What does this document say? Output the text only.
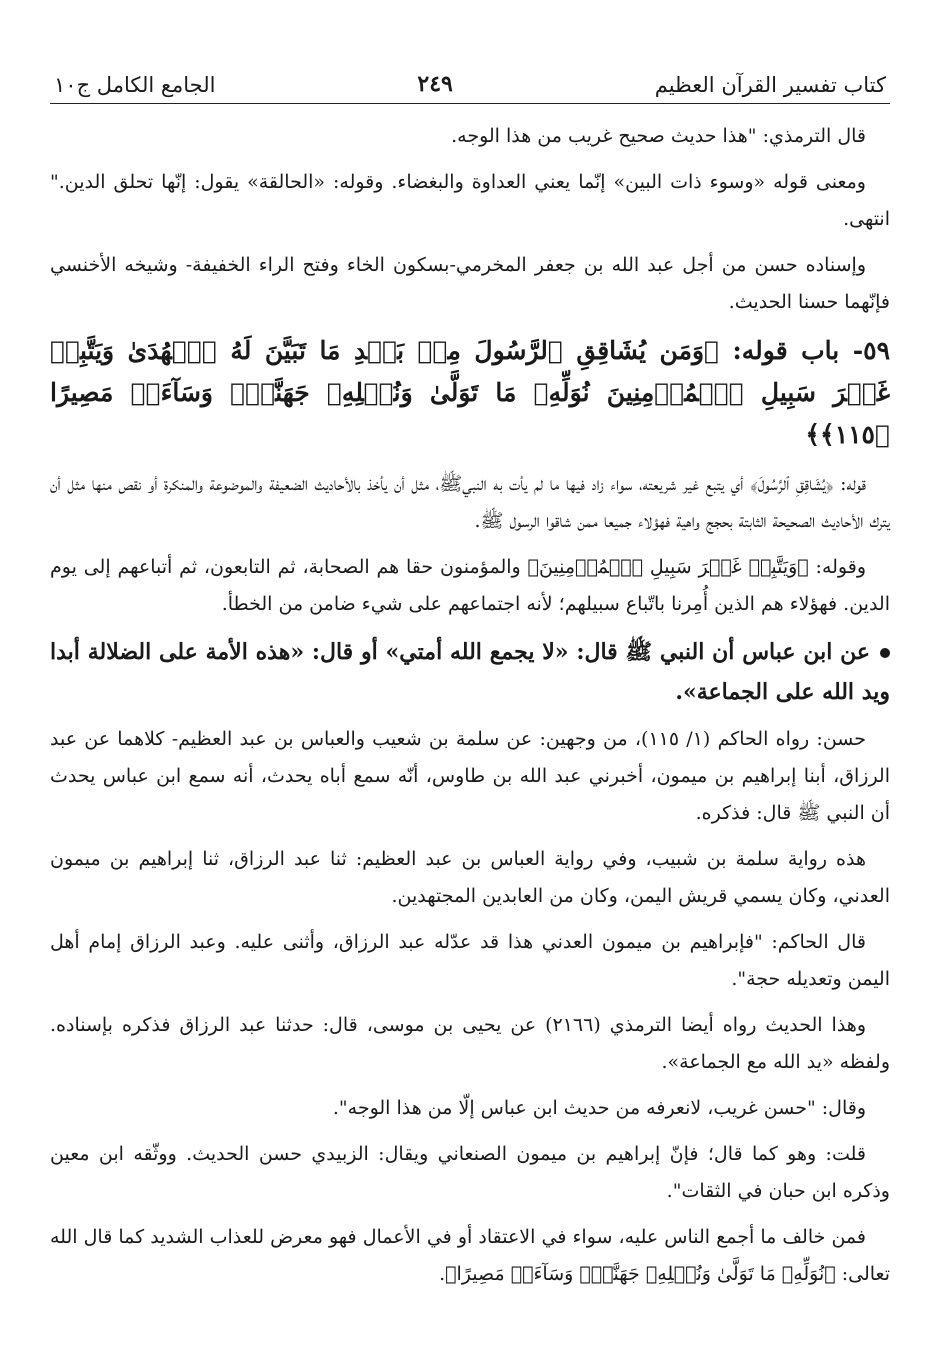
كتاب تفسير القرآن العظيم
٢٤٩
الجامع الكامل ج١٠

قال الترمذي: "هذا حديث صحيح غريب من هذا الوجه.

ومعنى قوله «وسوء ذات البين» إنّما يعني العداوة والبغضاء. وقوله: «الحالقة» يقول: إنّها تحلق الدين." انتهى.

وإسناده حسن من أجل عبد الله بن جعفر المخرمي-بسكون الخاء وفتح الراء الخفيفة- وشيخه الأخنسي فإنّهما حسنا الحديث.

٥٩- باب قوله: ﴿وَمَن يُشَاقِقِ ٱلرَّسُولَ مِنۢ بَعۡدِ مَا تَبَيَّنَ لَهُ ٱلۡهُدَىٰ وَيَتَّبِعۡ غَيۡرَ سَبِيلِ ٱلۡمُؤۡمِنِينَ نُوَلِّهِۦ مَا تَوَلَّىٰ وَنُصۡلِهِۦ جَهَنَّمَۖ وَسَآءَتۡ مَصِيرًا ﴿١١٥﴾﴾

قوله: ﴿يُشَاقِقِ ٱلرَّسُولَ﴾ أي يتبع غير شريعته، سواء زاد فيها ما لم يأت به النبيﷺ، مثل أن يأخذ بالأحاديث الضعيفة والموضوعة والمنكرة أو نقص منها مثل أن يترك الأحاديث الصحيحة الثابتة بحجج واهية فهؤلاء جميعا ممن شاقوا الرسول ﷺ.

وقوله: ﴿وَيَتَّبِعۡ غَيۡرَ سَبِيلِ ٱلۡمُؤۡمِنِينَ﴾ والمؤمنون حقا هم الصحابة، ثم التابعون، ثم أتباعهم إلى يوم الدين. فهؤلاء هم الذين أُمِرنا باتّباع سبيلهم؛ لأنه اجتماعهم على شيء ضامن من الخطأ.

عن ابن عباس أن النبي ﷺ قال: «لا يجمع الله أمتي» أو قال: «هذه الأمة على الضلالة أبدا ويد الله على الجماعة».

حسن: رواه الحاكم (١/ ١١٥)، من وجهين: عن سلمة بن شعيب والعباس بن عبد العظيم- كلاهما عن عبد الرزاق، أبنا إبراهيم بن ميمون، أخبرني عبد الله بن طاوس، أنّه سمع أباه يحدث، أنه سمع ابن عباس يحدث أن النبي ﷺ قال: فذكره.

هذه رواية سلمة بن شبيب، وفي رواية العباس بن عبد العظيم: ثنا عبد الرزاق، ثنا إبراهيم بن ميمون العدني، وكان يسمي قريش اليمن، وكان من العابدين المجتهدين.

قال الحاكم: "فإبراهيم بن ميمون العدني هذا قد عدّله عبد الرزاق، وأثنى عليه. وعبد الرزاق إمام أهل اليمن وتعديله حجة".

وهذا الحديث رواه أيضا الترمذي (٢١٦٦) عن يحيى بن موسى، قال: حدثنا عبد الرزاق فذكره بإسناده. ولفظه «يد الله مع الجماعة».

وقال: "حسن غريب، لانعرفه من حديث ابن عباس إلّا من هذا الوجه".

قلت: وهو كما قال؛ فإنّ إبراهيم بن ميمون الصنعاني ويقال: الزبيدي حسن الحديث. ووثّقه ابن معين وذكره ابن حبان في الثقات".

فمن خالف ما أجمع الناس عليه، سواء في الاعتقاد أو في الأعمال فهو معرض للعذاب الشديد كما قال الله تعالى: ﴿نُوَلِّهِۦ مَا تَوَلَّىٰ وَنُصۡلِهِۦ جَهَنَّمَۖ وَسَآءَتۡ مَصِيرًا﴾.
